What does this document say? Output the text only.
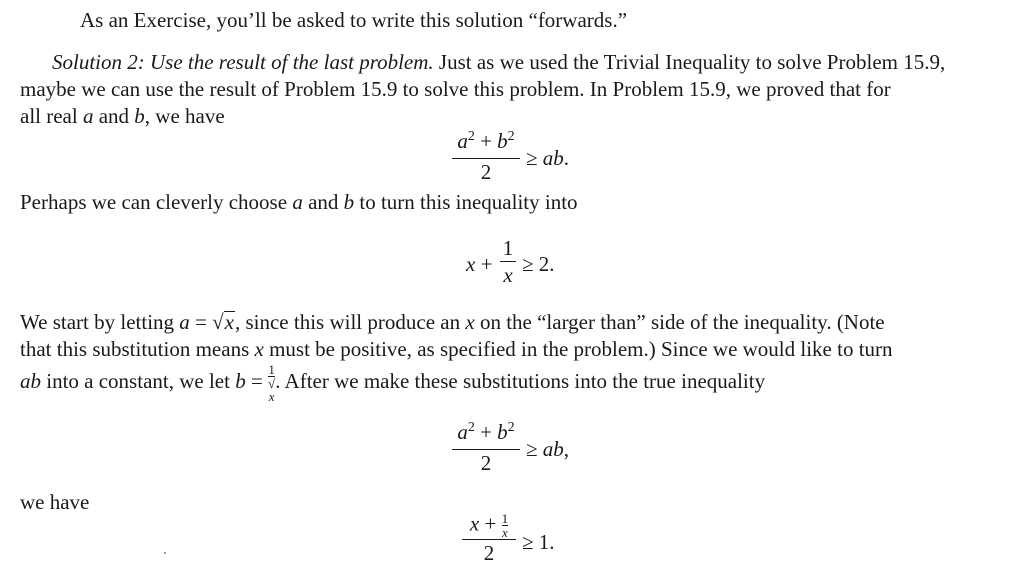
As an Exercise, you’ll be asked to write this solution “forwards.”
Solution 2: Use the result of the last problem. Just as we used the Trivial Inequality to solve Problem 15.9,
maybe we can use the result of Problem 15.9 to solve this problem. In Problem 15.9, we proved that for
all real a and b, we have
$a^2 + b^2$
2
≥ ab.
Perhaps we can cleverly choose a and b to turn this inequality into
x +
1
x ≥ 2.
We start by letting a = √x, since this will produce an x on the “larger than” side of the inequality. (Note
that this substitution means x must be positive, as specified in the problem.) Since we would like to turn
ab into a constant, we let b = 1
√
x . After we make these substitutions into the true inequality
$a^2 + b^2$
2
≥ ab,
we have
$x + \frac{1}{x}$
2	≥ 1.
